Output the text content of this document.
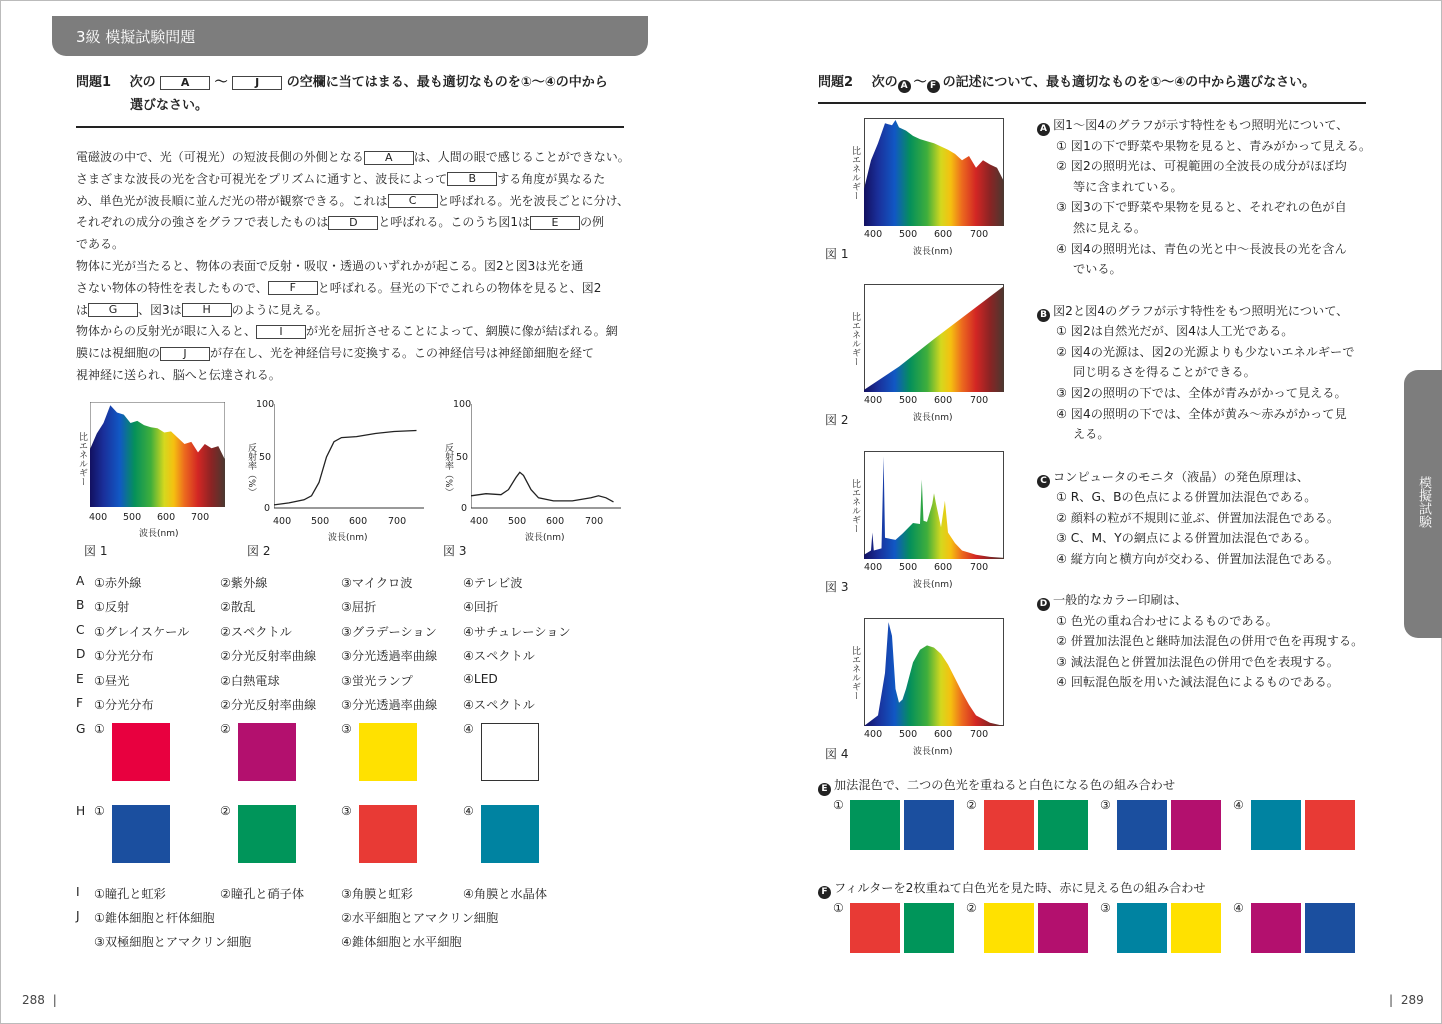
3級 模擬試験問題
問題1 次の A 〜 J の空欄に当てはまる、最も適切なものを①〜④の中から
選びなさい。
電磁波の中で、光（可視光）の短波長側の外側となる A は、人間の眼で感じることができない。
さまざまな波長の光を含む可視光をプリズムに通すと、波長によって B する角度が異なるた
め、単色光が波長順に並んだ光の帯が観察できる。これは C と呼ばれる。光を波長ごとに分け、
それぞれの成分の強さをグラフで表したものは D と呼ばれる。このうち図1は E の例
である。
物体に光が当たると、物体の表面で反射・吸収・透過のいずれかが起こる。図2と図3は光を通
さない物体の特性を表したもので、 F と呼ばれる。昼光の下でこれらの物体を見ると、図2
は G 、図3は H のように見える。
物体からの反射光が眼に入ると、 I が光を屈折させることによって、網膜に像が結ばれる。網
膜には視細胞の J が存在し、光を神経信号に変換する。この神経信号は神経節細胞を経て
視神経に送られ、脳へと伝達される。
比エネルギー
400 500 600 700
波長(nm)
図 1
反射率（%）
100
50
0
400 500 600 700
波長(nm)
図 2
反射率（%）
100
50
0
400 500 600 700
波長(nm)
図 3
A ①赤外線	②紫外線	③マイクロ波	④テレビ波
B ①反射	②散乱	③屈折	④回折
C ①グレイスケール	②スペクトル	③グラデーション ④サチュレーション
D ①分光分布	②分光反射率曲線 ③分光透過率曲線 ④スペクトル
E ①昼光	②白熱電球	③蛍光ランプ	④LED
F ①分光分布	②分光反射率曲線 ③分光透過率曲線 ④スペクトル
G ①	②	③	④
H ①	②	③	④
I ①瞳孔と虹彩	②瞳孔と硝子体	③角膜と虹彩	④角膜と水晶体
J ①錐体細胞と杆体細胞	②水平細胞とアマクリン細胞
③双極細胞とアマクリン細胞	④錐体細胞と水平細胞
問題2 次の A 〜 F の記述について、最も適切なものを①〜④の中から選びなさい。
比エネルギー
400 500 600 700
波長(nm)
図 1
比エネルギー
400 500 600 700
波長(nm)
図 2
比エネルギー
400 500 600 700
波長(nm)
図 3
比エネルギー
400 500 600 700
波長(nm)
図 4
A 図1〜図4のグラフが示す特性をもつ照明光について、
① 図1の下で野菜や果物を見ると、青みがかって見える。
② 図2の照明光は、可視範囲の全波長の成分がほぼ均
等に含まれている。
③ 図3の下で野菜や果物を見ると、それぞれの色が自
然に見える。
④ 図4の照明光は、青色の光と中〜長波長の光を含ん
でいる。
B 図2と図4のグラフが示す特性をもつ照明光について、
① 図2は自然光だが、図4は人工光である。
② 図4の光源は、図2の光源よりも少ないエネルギーで
同じ明るさを得ることができる。
③ 図2の照明の下では、全体が青みがかって見える。
④ 図4の照明の下では、全体が黄み〜赤みがかって見
える。
C コンピュータのモニタ（液晶）の発色原理は、
① R、G、Bの色点による併置加法混色である。
② 顔料の粒が不規則に並ぶ、併置加法混色である。
③ C、M、Yの網点による併置加法混色である。
④ 縦方向と横方向が交わる、併置加法混色である。
D 一般的なカラー印刷は、
① 色光の重ね合わせによるものである。
② 併置加法混色と継時加法混色の併用で色を再現する。
③ 減法混色と併置加法混色の併用で色を表現する。
④ 回転混色版を用いた減法混色によるものである。
E 加法混色で、二つの色光を重ねると白色になる色の組み合わせ
①	②	③	④
F フィルターを2枚重ねて白色光を見た時、赤に見える色の組み合わせ
①	②	③	④
模擬試験
288 |	| 289
